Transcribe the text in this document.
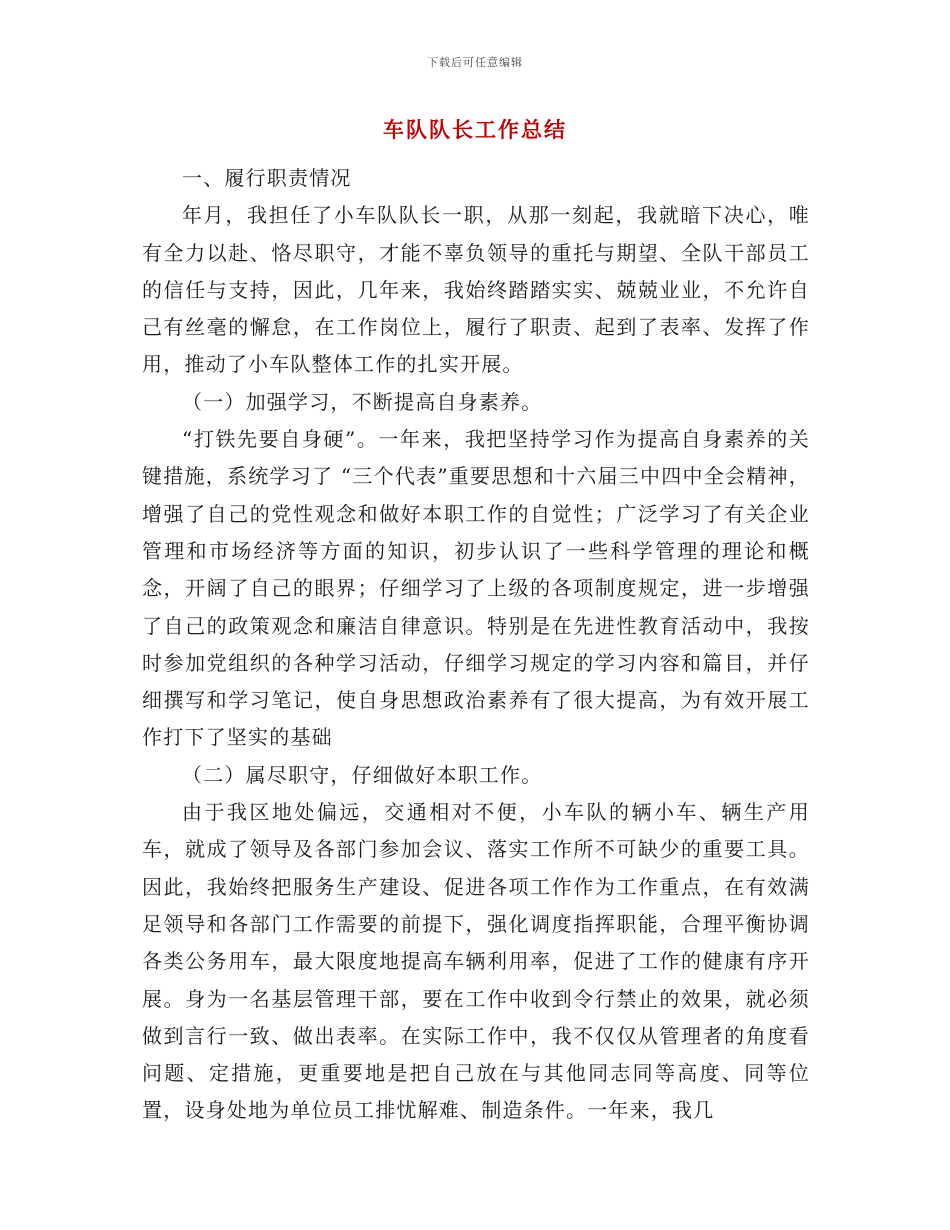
下载后可任意编辑
车队队长工作总结

一、履行职责情况

年月，我担任了小车队队长一职，从那一刻起，我就暗下决心，唯有全力以赴、恪尽职守，才能不辜负领导的重托与期望、全队干部员工的信任与支持，因此，几年来，我始终踏踏实实、兢兢业业，不允许自己有丝毫的懈怠，在工作岗位上，履行了职责、起到了表率、发挥了作用，推动了小车队整体工作的扎实开展。

（一）加强学习，不断提高自身素养。

“打铁先要自身硬”。一年来，我把坚持学习作为提高自身素养的关键措施，系统学习了 “三个代表”重要思想和十六届三中四中全会精神，增强了自己的党性观念和做好本职工作的自觉性；广泛学习了有关企业管理和市场经济等方面的知识，初步认识了一些科学管理的理论和概念，开阔了自己的眼界；仔细学习了上级的各项制度规定，进一步增强了自己的政策观念和廉洁自律意识。特别是在先进性教育活动中，我按时参加党组织的各种学习活动，仔细学习规定的学习内容和篇目，并仔细撰写和学习笔记，使自身思想政治素养有了很大提高，为有效开展工作打下了坚实的基础

（二）属尽职守，仔细做好本职工作。

由于我区地处偏远，交通相对不便，小车队的辆小车、辆生产用车，就成了领导及各部门参加会议、落实工作所不可缺少的重要工具。因此，我始终把服务生产建设、促进各项工作作为工作重点，在有效满足领导和各部门工作需要的前提下，强化调度指挥职能，合理平衡协调各类公务用车，最大限度地提高车辆利用率，促进了工作的健康有序开展。身为一名基层管理干部，要在工作中收到令行禁止的效果，就必须做到言行一致、做出表率。在实际工作中，我不仅仅从管理者的角度看问题、定措施，更重要地是把自己放在与其他同志同等高度、同等位置，设身处地为单位员工排忧解难、制造条件。一年来，我几
